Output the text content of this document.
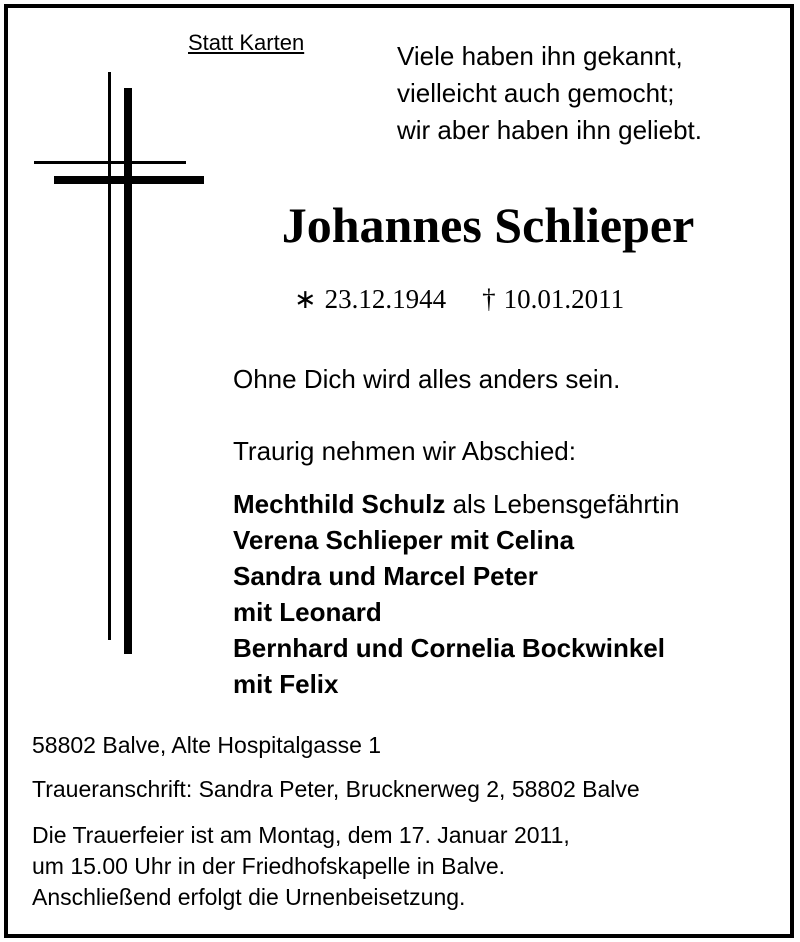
Statt Karten	Viele haben ihn gekannt,
vielleicht auch gemocht;
wir aber haben ihn geliebt.
Johannes Schlieper
∗ 23.12.1944 † 10.01.2011
Ohne Dich wird alles anders sein.
Traurig nehmen wir Abschied:
Mechthild Schulz als Lebensgefährtin
Verena Schlieper mit Celina
Sandra und Marcel Peter
mit Leonard
Bernhard und Cornelia Bockwinkel
mit Felix
58802 Balve, Alte Hospitalgasse 1
Traueranschrift: Sandra Peter, Brucknerweg 2, 58802 Balve
Die Trauerfeier ist am Montag, dem 17. Januar 2011,
um 15.00 Uhr in der Friedhofskapelle in Balve.
Anschließend erfolgt die Urnenbeisetzung.
